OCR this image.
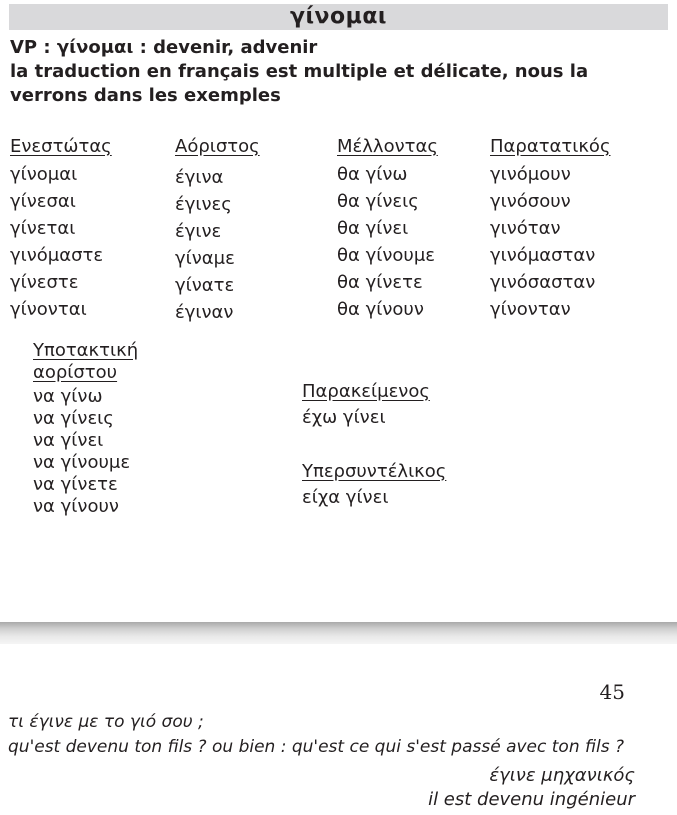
γίνομαι
VP : γίνομαι : devenir, advenir
la traduction en français est multiple et délicate, nous la
verrons dans les exemples
Ενεστώτας
γίνομαι
γίνεσαι
γίνεται
γινόμαστε
γίνεστε
γίνονται
Αόριστος
έγινα
έγινες
έγινε
γίναμε
γίνατε
έγιναν
Μέλλοντας
θα γίνω
θα γίνεις
θα γίνει
θα γίνουμε
θα γίνετε
θα γίνουν
Παρατατικός
γινόμουν
γινόσουν
γινόταν
γινόμασταν
γινόσασταν
γίνονταν
Υποτακτική
αορίστου
να γίνω
να γίνεις
να γίνει
να γίνουμε
να γίνετε
να γίνουν
Παρακείμενος
έχω γίνει
Υπερσυντέλικος
είχα γίνει
45
τι έγινε με το γιό σου ;
qu'est devenu ton fils ? ou bien : qu'est ce qui s'est passé avec ton fils ?
έγινε μηχανικός
il est devenu ingénieur
